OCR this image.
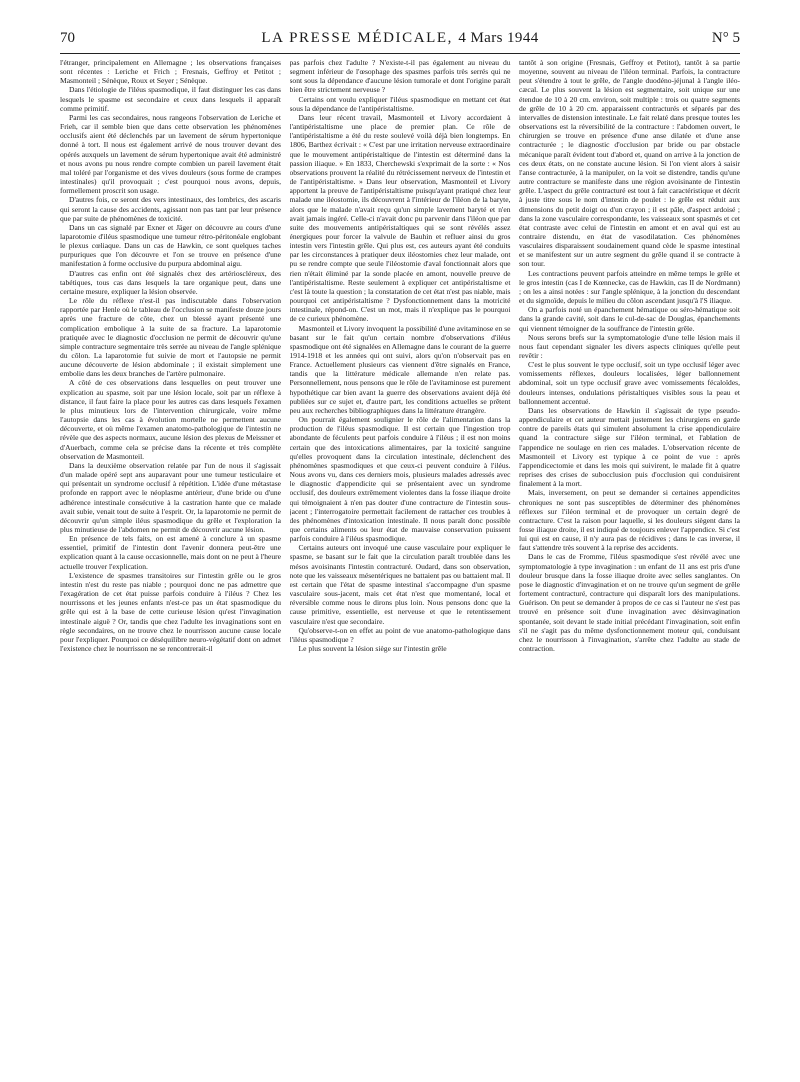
70	LA PRESSE MÉDICALE, 4 Mars 1944	N° 5

l'étranger, principalement en Allemagne ; les observations françaises sont récentes : Leriche et Frich ; Fresnais, Geffroy et Petitot ; Masmonteil ; Sénèque, Roux et Seyer ; Sénèque.

Dans l'étiologie de l'iléus spasmodique, il faut distinguer les cas dans lesquels le spasme est secondaire et ceux dans lesquels il apparaît comme primitif.

Parmi les cas secondaires, nous rangeons l'observation de Leriche et Frieh, car il semble bien que dans cette observation les phénomènes occlusifs aient été déclenchés par un lavement de sérum hypertonique donné à tort. Il nous est également arrivé de nous trouver devant des opérés auxquels un lavement de sérum hypertonique avait été administré et nous avons pu nous rendre compte combien un pareil lavement était mal toléré par l'organisme et des vives douleurs (sous forme de crampes intestinales) qu'il provoquait ; c'est pourquoi nous avons, depuis, formellement proscrit son usage.

D'autres fois, ce seront des vers intestinaux, des lombrics, des ascaris qui seront la cause des accidents, agissant non pas tant par leur présence que par suite de phénomènes de toxicité.

Dans un cas signalé par Exner et Jäger on découvre au cours d'une laparotomie d'iléus spasmodique une tumeur rétro-péritonéale englobant le plexus cœliaque. Dans un cas de Hawkin, ce sont quelques taches purpuriques que l'on découvre et l'on se trouve en présence d'une manifestation à forme occlusive du purpura abdominal aigu.

D'autres cas enfin ont été signalés chez des artérioscléreux, des tabétiques, tous cas dans lesquels la tare organique peut, dans une certaine mesure, expliquer la lésion observée.

Le rôle du réflexe n'est-il pas indiscutable dans l'observation rapportée par Henle où le tableau de l'occlusion se manifeste douze jours après une fracture de côte, chez un blessé ayant présenté une complication embolique à la suite de sa fracture. La laparotomie pratiquée avec le diagnostic d'occlusion ne permit de découvrir qu'une simple contracture segmentaire très serrée au niveau de l'angle splénique du côlon. La laparotomie fut suivie de mort et l'autopsie ne permit aucune découverte de lésion abdominale ; il existait simplement une embolie dans les deux branches de l'artère pulmonaire.

A côté de ces observations dans lesquelles on peut trouver une explication au spasme, soit par une lésion locale, soit par un réflexe à distance, il faut faire la place pour les autres cas dans lesquels l'examen le plus minutieux lors de l'intervention chirurgicale, voire même l'autopsie dans les cas à évolution mortelle ne permettent aucune découverte, et où même l'examen anatomo-pathologique de l'intestin ne révèle que des aspects normaux, aucune lésion des plexus de Meissner et d'Auerbach, comme cela se précise dans la récente et très complète observation de Masmonteil.

Dans la deuxième observation relatée par l'un de nous il s'agissait d'un malade opéré sept ans auparavant pour une tumeur testiculaire et qui présentait un syndrome occlusif à répétition. L'idée d'une métastase profonde en rapport avec le néoplasme antérieur, d'une bride ou d'une adhérence intestinale consécutive à la castration hante que ce malade avait subie, venait tout de suite à l'esprit. Or, la laparotomie ne permit de découvrir qu'un simple iléus spasmodique du grêle et l'exploration la plus minutieuse de l'abdomen ne permit de découvrir aucune lésion.

En présence de tels faits, on est amené à conclure à un spasme essentiel, primitif de l'intestin dont l'avenir donnera peut-être une explication quant à la cause occasionnelle, mais dont on ne peut à l'heure actuelle trouver l'explication.

L'existence de spasmes transitoires sur l'intestin grêle ou le gros intestin n'est du reste pas niable ; pourquoi donc ne pas admettre que l'exagération de cet état puisse parfois conduire à l'iléus ? Chez les nourrissons et les jeunes enfants n'est-ce pas un état spasmodique du grêle qui est à la base de cette curieuse lésion qu'est l'invagination intestinale aiguë ? Or, tandis que chez l'adulte les invaginations sont en règle secondaires, on ne trouve chez le nourrisson aucune cause locale pour l'expliquer. Pourquoi ce déséquilibre neuro-végétatif dont on admet l'existence chez le nourrisson ne se rencontrerait-il

pas parfois chez l'adulte ? N'existe-t-il pas également au niveau du segment inférieur de l'œsophage des spasmes parfois très serrés qui ne sont sous la dépendance d'aucune lésion tumorale et dont l'origine paraît bien être strictement nerveuse ?

Certains ont voulu expliquer l'iléus spasmodique en mettant cet état sous la dépendance de l'antipéristaltisme.

Dans leur récent travail, Masmonteil et Livory accordaient à l'antipéristaltisme une place de premier plan. Ce rôle de l'antipéristaltisme a été du reste soulevé voilà déjà bien longtemps. En 1806, Barthez écrivait : « C'est par une irritation nerveuse extraordinaire que le mouvement antipéristaltique de l'intestin est déterminé dans la passion iliaque. » En 1833, Cherchewski s'exprimait de la sorte : « Nos observations prouvent la réalité du rétrécissement nerveux de l'intestin et de l'antipéristaltisme. » Dans leur observation, Masmonteil et Livory apportent la preuve de l'antipéristaltisme puisqu'ayant pratiqué chez leur malade une iléostomie, ils découvrent à l'intérieur de l'iléon de la baryte, alors que le malade n'avait reçu qu'un simple lavement baryté et n'en avait jamais ingéré. Celle-ci n'avait donc pu parvenir dans l'iléon que par suite des mouvements antipéristaltiques qui se sont révélés assez énergiques pour forcer la valvule de Bauhin et refluer ainsi du gros intestin vers l'intestin grêle. Qui plus est, ces auteurs ayant été conduits par les circonstances à pratiquer deux iléostomies chez leur malade, ont pu se rendre compte que seule l'iléostomie d'aval fonctionnait alors que rien n'était éliminé par la sonde placée en amont, nouvelle preuve de l'antipéristaltisme. Reste seulement à expliquer cet antipéristaltisme et c'est là toute la question ; la constatation de cet état n'est pas niable, mais pourquoi cet antipéristaltisme ? Dysfonctionnement dans la motricité intestinale, répond-on. C'est un mot, mais il n'explique pas le pourquoi de ce curieux phénomène.

Masmonteil et Livory invoquent la possibilité d'une avitaminose en se basant sur le fait qu'un certain nombre d'observations d'iléus spasmodique ont été signalées en Allemagne dans le courant de la guerre 1914-1918 et les années qui ont suivi, alors qu'on n'observait pas en France. Actuellement plusieurs cas viennent d'être signalés en France, tandis que la littérature médicale allemande n'en relate pas. Personnellement, nous pensons que le rôle de l'avitaminose est purement hypothétique car bien avant la guerre des observations avaient déjà été publiées sur ce sujet et, d'autre part, les conditions actuelles se prêtent peu aux recherches bibliographiques dans la littérature étrangère.

On pourrait également soulignier le rôle de l'alimentation dans la production de l'iléus spasmodique. Il est certain que l'ingestion trop abondante de féculents peut parfois conduire à l'iléus ; il est non moins certain que des intoxications alimentaires, par la toxicité sanguine qu'elles provoquent dans la circulation intestinale, déclenchent des phénomènes spasmodiques et que ceux-ci peuvent conduire à l'iléus. Nous avons vu, dans ces derniers mois, plusieurs malades adressés avec le diagnostic d'appendicite qui se présentaient avec un syndrome occlusif, des douleurs extrêmement violentes dans la fosse iliaque droite qui témoignaient à n'en pas douter d'une contracture de l'intestin sous-jacent ; l'interrogatoire permettait facilement de rattacher ces troubles à des phénomènes d'intoxication intestinale. Il nous paraît donc possible que certains aliments ou leur état de mauvaise conservation puissent parfois conduire à l'iléus spasmodique.

Certains auteurs ont invoqué une cause vasculaire pour expliquer le spasme, se basant sur le fait que la circulation paraît troublée dans les mésos avoisinants l'intestin contracturé. Oudard, dans son observation, note que les vaisseaux mésentériques ne battaient pas ou battaient mal. Il est certain que l'état de spasme intestinal s'accompagne d'un spasme vasculaire sous-jacent, mais cet état n'est que momentané, local et réversible comme nous le dirons plus loin. Nous pensons donc que la cause primitive, essentielle, est nerveuse et que le retentissement vasculaire n'est que secondaire.

Qu'observe-t-on en effet au point de vue anatomo-pathologique dans l'iléus spasmodique ?

Le plus souvent la lésion siège sur l'intestin grêle

tantôt à son origine (Fresnais, Geffroy et Petitot), tantôt à sa partie moyenne, souvent au niveau de l'iléon terminal. Parfois, la contracture peut s'étendre à tout le grêle, de l'angle duodéno-jéjunal à l'angle iléo-cæcal. Le plus souvent la lésion est segmentaire, soit unique sur une étendue de 10 à 20 cm. environ, soit multiple : trois ou quatre segments de grêle de 10 à 20 cm. apparaissent contracturés et séparés par des intervalles de distension intestinale. Le fait relaté dans presque toutes les observations est la réversibilité de la contracture : l'abdomen ouvert, le chirurgien se trouve en présence d'une anse dilatée et d'une anse contracturée ; le diagnostic d'occlusion par bride ou par obstacle mécanique paraît évident tout d'abord et, quand on arrive à la jonction de ces deux états, on ne constate aucune lésion. Si l'on vient alors à saisir l'anse contracturée, à la manipuler, on la voit se distendre, tandis qu'une autre contracture se manifeste dans une région avoisinante de l'intestin grêle. L'aspect du grêle contracturé est tout à fait caractéristique et décrit à juste titre sous le nom d'intestin de poulet : le grêle est réduit aux dimensions du petit doigt ou d'un crayon ; il est pâle, d'aspect ardoisé ; dans la zone vasculaire correspondante, les vaisseaux sont spasmés et cet état contraste avec celui de l'intestin en amont et en aval qui est au contraire distendu, en état de vasodilatation. Ces phénomènes vasculaires disparaissent soudainement quand cède le spasme intestinal et se manifestent sur un autre segment du grêle quand il se contracte à son tour.

Les contractions peuvent parfois atteindre en même temps le grêle et le gros intestin (cas I de Kœnnecke, cas de Hawkin, cas II de Nordmann) ; on les a ainsi notées : sur l'angle splénique, à la jonction du descendant et du sigmoïde, depuis le milieu du côlon ascendant jusqu'à l'S iliaque.

On a parfois noté un épanchement hématique ou séro-hématique soit dans la grande cavité, soit dans le cul-de-sac de Douglas, épanchements qui viennent témoigner de la souffrance de l'intestin grêle.

Nous serons brefs sur la symptomatologie d'une telle lésion mais il nous faut cependant signaler les divers aspects cliniques qu'elle peut revêtir :

C'est le plus souvent le type occlusif, soit un type occlusif léger avec vomissements réflexes, douleurs localisées, léger ballonnement abdominal, soit un type occlusif grave avec vomissements fécaloïdes, douleurs intenses, ondulations péristaltiques visibles sous la peau et ballonnement accentué.

Dans les observations de Hawkin il s'agissait de type pseudo-appendiculaire et cet auteur mettait justement les chirurgiens en garde contre de pareils états qui simulent absolument la crise appendiculaire quand la contracture siège sur l'iléon terminal, et l'ablation de l'appendice ne soulage en rien ces malades. L'observation récente de Masmonteil et Livory est typique à ce point de vue : après l'appendicectomie et dans les mois qui suivirent, le malade fit à quatre reprises des crises de subocclusion puis d'occlusion qui conduisirent finalement à la mort.

Mais, inversement, on peut se demander si certaines appendicites chroniques ne sont pas susceptibles de déterminer des phénomènes réflexes sur l'iléon terminal et de provoquer un certain degré de contracture. C'est la raison pour laquelle, si les douleurs siègent dans la fosse iliaque droite, il est indiqué de toujours enlever l'appendice. Si c'est lui qui est en cause, il n'y aura pas de récidives ; dans le cas inverse, il faut s'attendre très souvent à la reprise des accidents.

Dans le cas de Fromme, l'iléus spasmodique s'est révélé avec une symptomatologie à type invagination : un enfant de 11 ans est pris d'une douleur brusque dans la fosse iliaque droite avec selles sanglantes. On pose le diagnostic d'invagination et on ne trouve qu'un segment de grêle fortement contracturé, contracture qui disparaît lors des manipulations. Guérison. On peut se demander à propos de ce cas si l'auteur ne s'est pas trouvé en présence soit d'une invagination avec désinvagination spontanée, soit devant le stade initial précédant l'invagination, soit enfin s'il ne s'agit pas du même dysfonctionnement moteur qui, conduisant chez le nourrisson à l'invagination, s'arrête chez l'adulte au stade de contraction.
